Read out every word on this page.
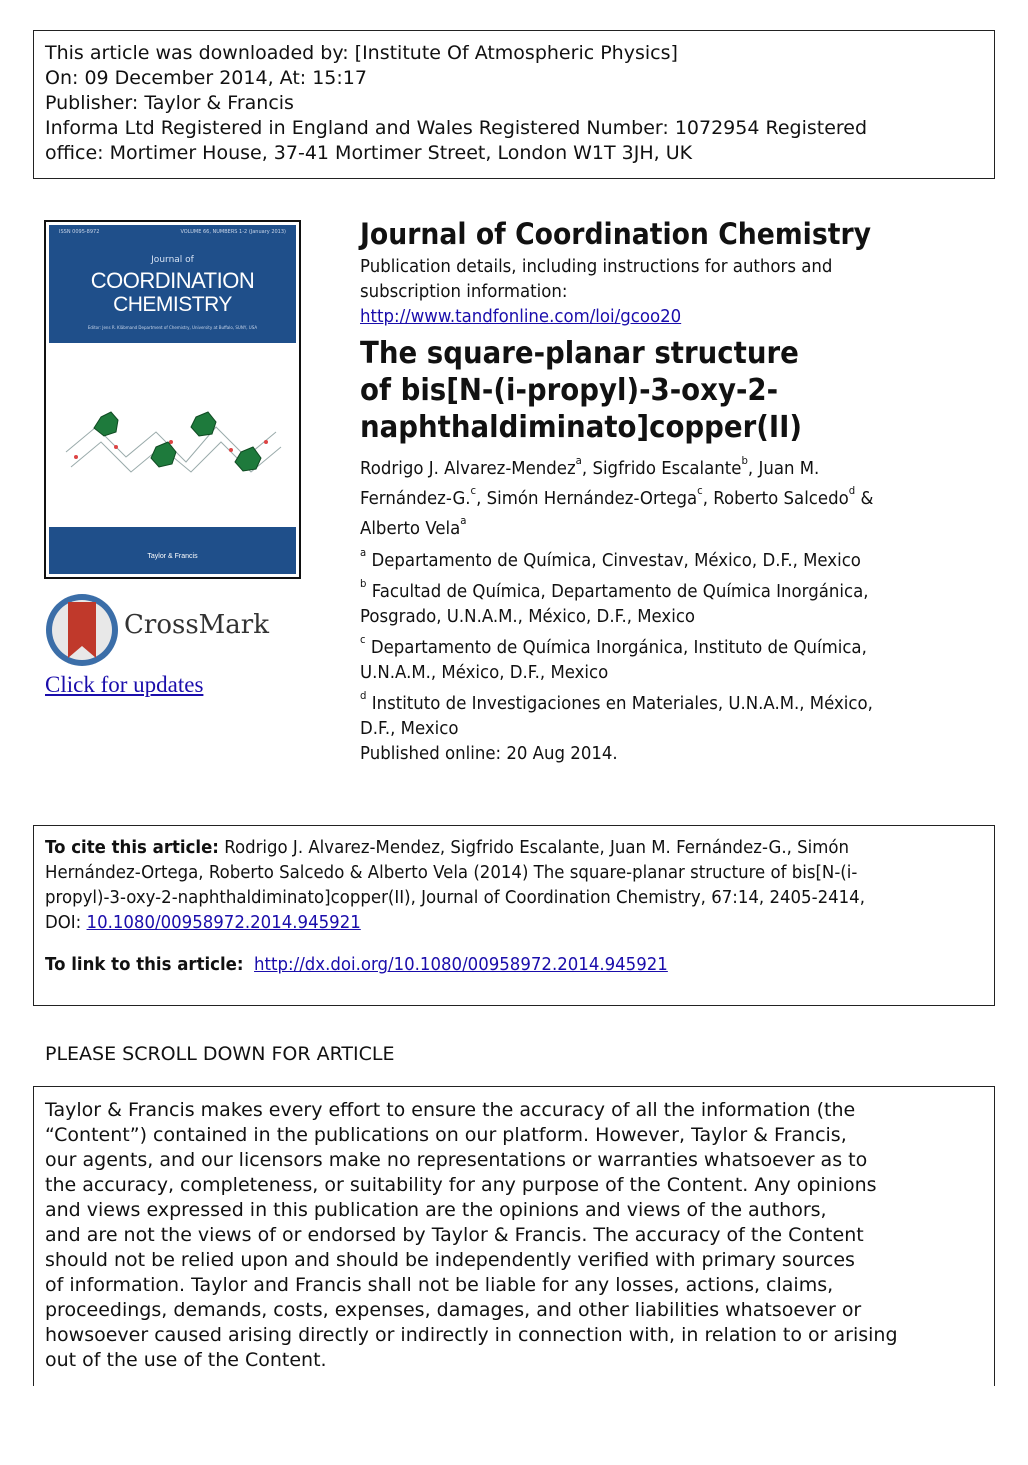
This article was downloaded by: [Institute Of Atmospheric Physics]
On: 09 December 2014, At: 15:17
Publisher: Taylor & Francis
Informa Ltd Registered in England and Wales Registered Number: 1072954 Registered
office: Mortimer House, 37-41 Mortimer Street, London W1T 3JH, UK
ISSN 0095-8972	VOLUME 66, NUMBERS 1-2 (January 2013)
Journal of
COORDINATION
CHEMISTRY
Editor: Jens R. Kläbmand Department of Chemistry, University at Buffalo, SUNY, USA
Taylor & Francis
CrossMark
Click for updates
Journal of Coordination Chemistry
Publication details, including instructions for authors and
subscription information:
http://www.tandfonline.com/loi/gcoo20
The square-planar structure
of bis[N-(i-propyl)-3-oxy-2-
naphthaldiminato]copper(II)
Rodrigo J. Alvarez-Mendez$^a$, Sigfrido Escalante$^b$, Juan M.
Fernández-G.$^c$, Simón Hernández-Ortega$^c$, Roberto Salcedo$^d$ &
Alberto Vela$^a$
$^a$ Departamento de Química, Cinvestav, México, D.F., Mexico
$^b$ Facultad de Química, Departamento de Química Inorgánica,
Posgrado, U.N.A.M., México, D.F., Mexico
$^c$ Departamento de Química Inorgánica, Instituto de Química,
U.N.A.M., México, D.F., Mexico
$^d$ Instituto de Investigaciones en Materiales, U.N.A.M., México,
D.F., Mexico
Published online: 20 Aug 2014.
To cite this article: Rodrigo J. Alvarez-Mendez, Sigfrido Escalante, Juan M. Fernández-G., Simón
Hernández-Ortega, Roberto Salcedo & Alberto Vela (2014) The square-planar structure of bis[N-(i-
propyl)-3-oxy-2-naphthaldiminato]copper(II), Journal of Coordination Chemistry, 67:14, 2405-2414,
DOI: 10.1080/00958972.2014.945921
To link to this article: http://dx.doi.org/10.1080/00958972.2014.945921
PLEASE SCROLL DOWN FOR ARTICLE
Taylor & Francis makes every effort to ensure the accuracy of all the information (the
“Content”) contained in the publications on our platform. However, Taylor & Francis,
our agents, and our licensors make no representations or warranties whatsoever as to
the accuracy, completeness, or suitability for any purpose of the Content. Any opinions
and views expressed in this publication are the opinions and views of the authors,
and are not the views of or endorsed by Taylor & Francis. The accuracy of the Content
should not be relied upon and should be independently verified with primary sources
of information. Taylor and Francis shall not be liable for any losses, actions, claims,
proceedings, demands, costs, expenses, damages, and other liabilities whatsoever or
howsoever caused arising directly or indirectly in connection with, in relation to or arising
out of the use of the Content.
